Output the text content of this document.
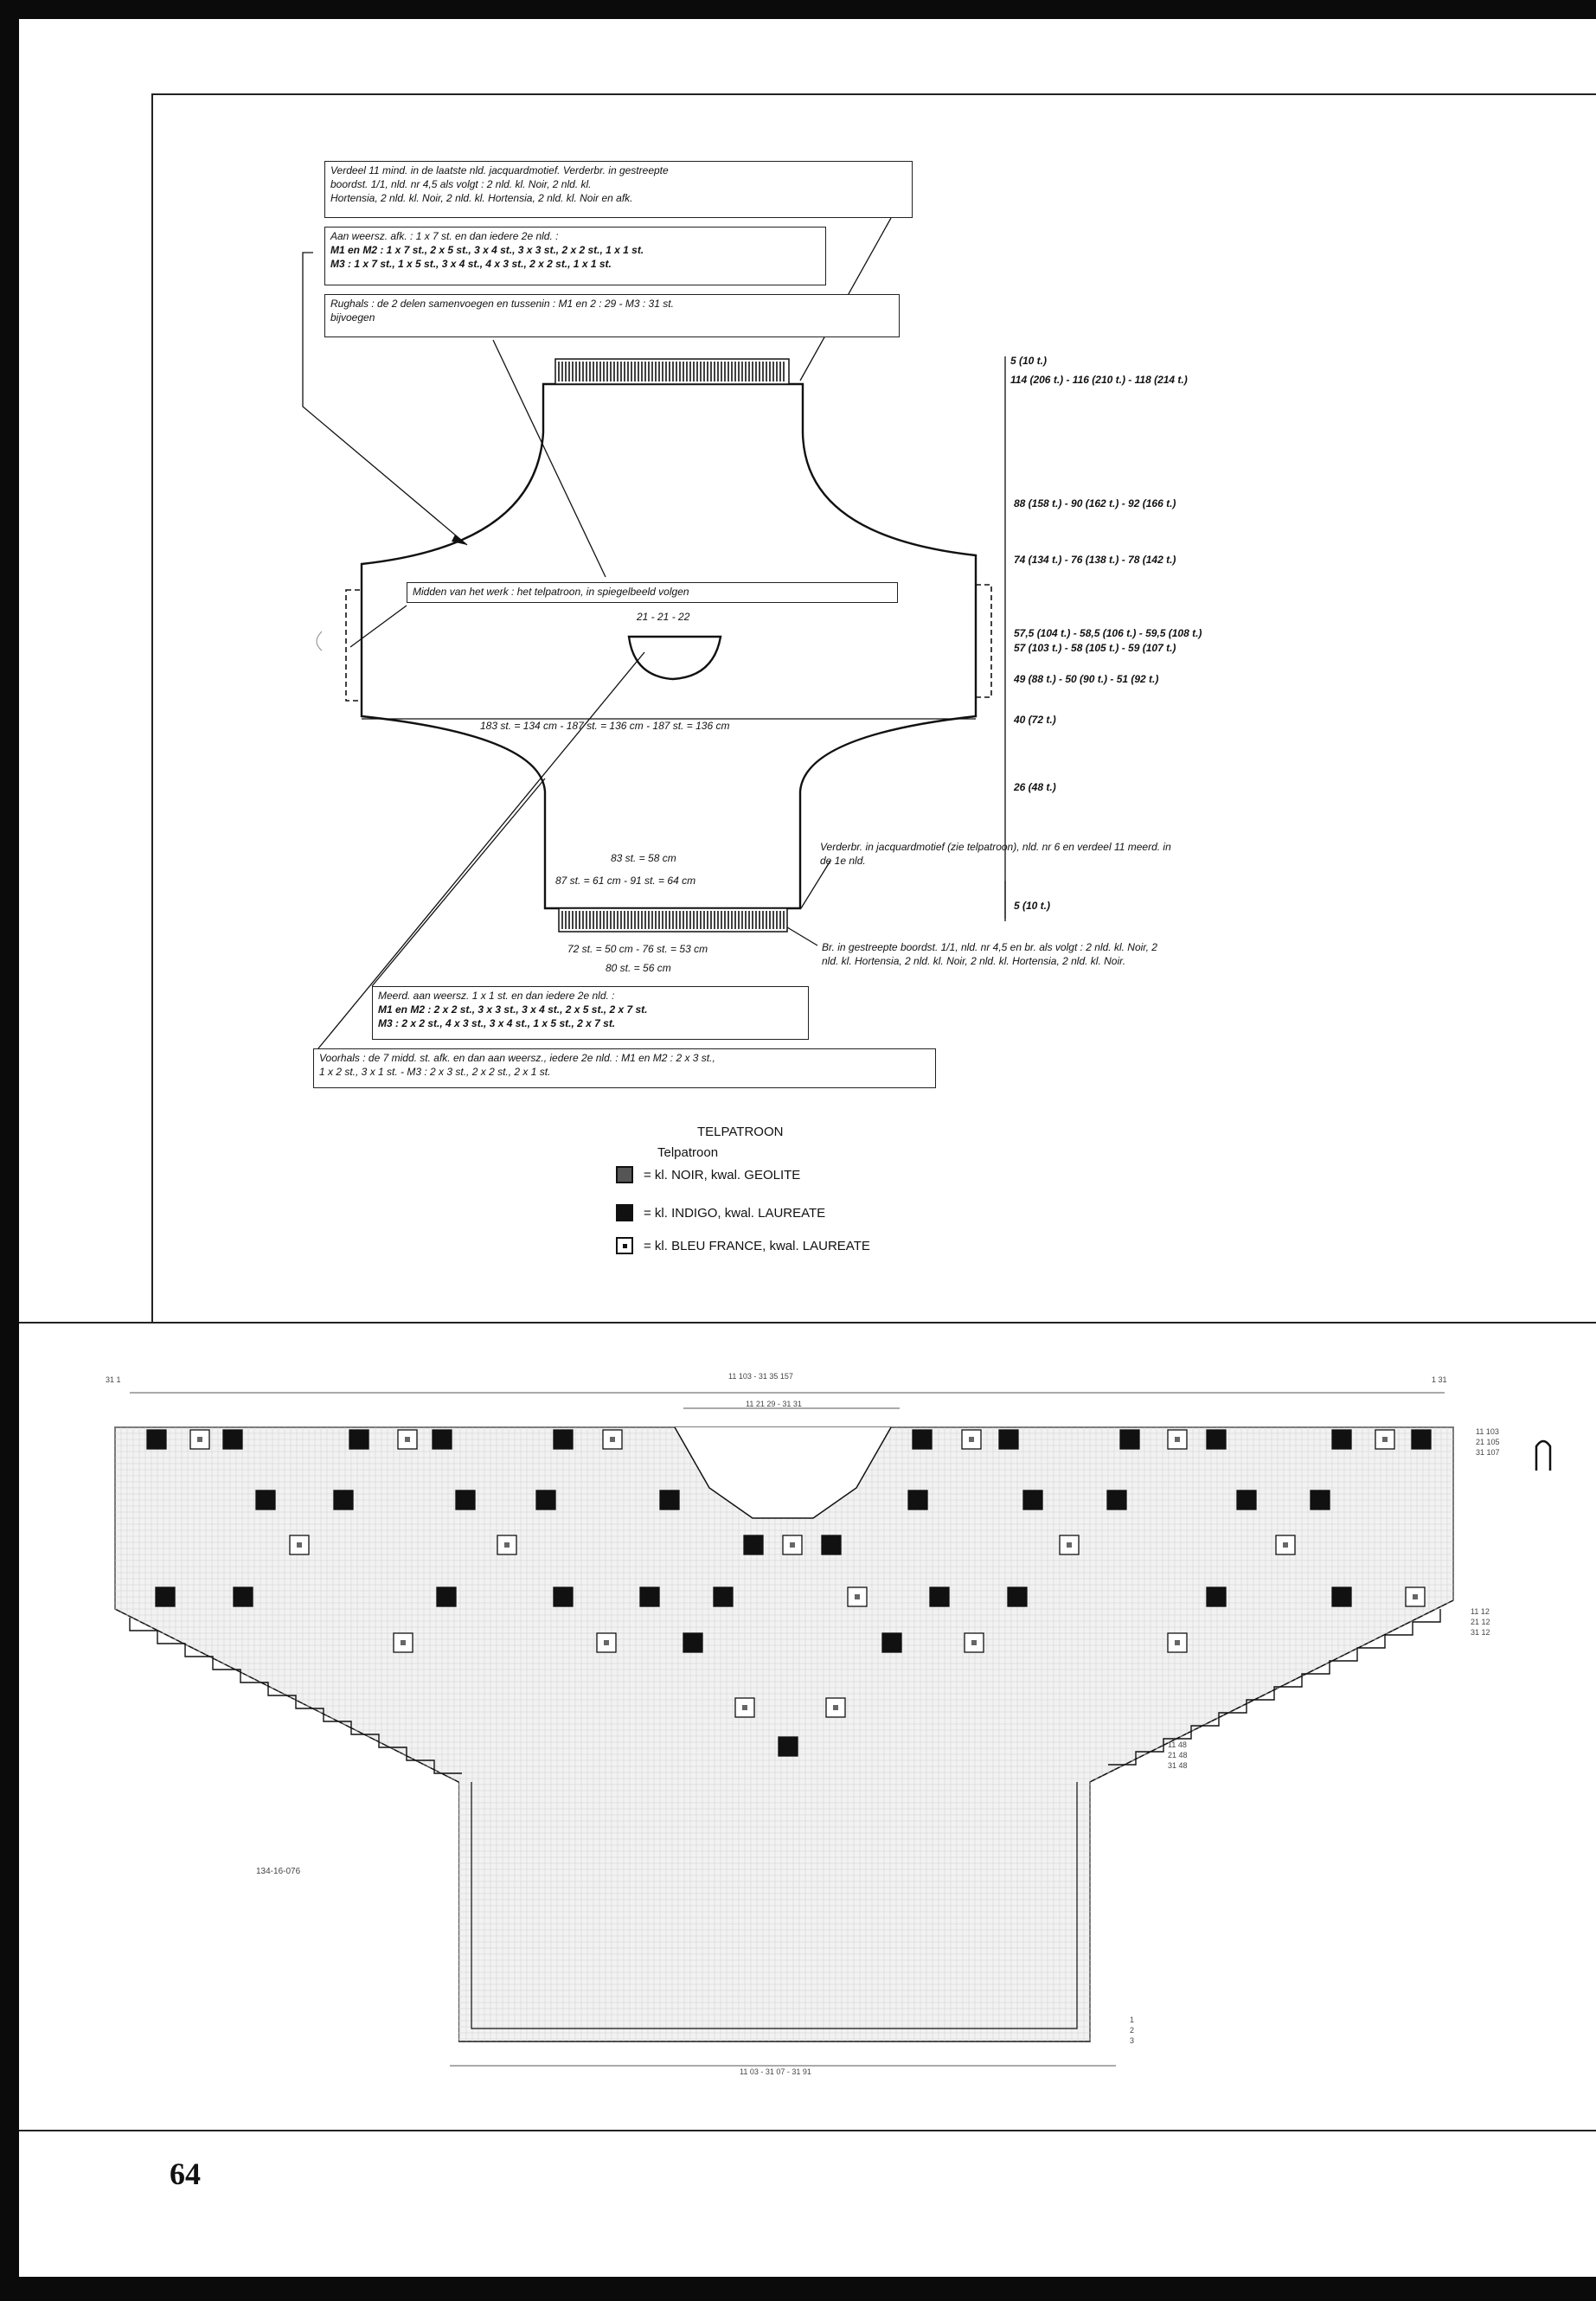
Verdeel 11 mind. in de laatste nld. jacquardmotief. Verderbr. in gestreepte
boordst. 1/1, nld. nr 4,5 als volgt : 2 nld. kl. Noir, 2 nld. kl.
Hortensia, 2 nld. kl. Noir, 2 nld. kl. Hortensia, 2 nld. kl. Noir en afk.
Aan weersz. afk. : 1 x 7 st. en dan iedere 2e nld. :
M1 en M2 : 1 x 7 st., 2 x 5 st., 3 x 4 st., 3 x 3 st., 2 x 2 st., 1 x 1 st.
M3 : 1 x 7 st., 1 x 5 st., 3 x 4 st., 4 x 3 st., 2 x 2 st., 1 x 1 st.
Rughals : de 2 delen samenvoegen en tussenin : M1 en 2 : 29 - M3 : 31 st.
bijvoegen
Midden van het werk : het telpatroon, in spiegelbeeld volgen
Meerd. aan weersz. 1 x 1 st. en dan iedere 2e nld. :
M1 en M2 : 2 x 2 st., 3 x 3 st., 3 x 4 st., 2 x 5 st., 2 x 7 st.
M3 : 2 x 2 st., 4 x 3 st., 3 x 4 st., 1 x 5 st., 2 x 7 st.
Voorhals : de 7 midd. st. afk. en dan aan weersz., iedere 2e nld. : M1 en M2 : 2 x 3 st.,
1 x 2 st., 3 x 1 st. - M3 : 2 x 3 st., 2 x 2 st., 2 x 1 st.
Verderbr. in jacquardmotief (zie telpatroon), nld. nr 6 en verdeel 11 meerd. in
de 1e nld.
Br. in gestreepte boordst. 1/1, nld. nr 4,5 en br. als volgt : 2 nld. kl. Noir, 2
nld. kl. Hortensia, 2 nld. kl. Noir, 2 nld. kl. Hortensia, 2 nld. kl. Noir.
21 - 21 - 22
183 st. = 134 cm - 187 st. = 136 cm - 187 st. = 136 cm
83 st. = 58 cm
87 st. = 61 cm - 91 st. = 64 cm
72 st. = 50 cm - 76 st. = 53 cm
80 st. = 56 cm
5 (10 t.)
114 (206 t.) - 116 (210 t.) - 118 (214 t.)
88 (158 t.) - 90 (162 t.) - 92 (166 t.)
74 (134 t.) - 76 (138 t.) - 78 (142 t.)
57,5 (104 t.) - 58,5 (106 t.) - 59,5 (108 t.)
57 (103 t.) - 58 (105 t.) - 59 (107 t.)
49 (88 t.) - 50 (90 t.) - 51 (92 t.)
40 (72 t.)
26 (48 t.)
5 (10 t.)
TELPATROON
Telpatroon
= kl. NOIR, kwal. GEOLITE
= kl. INDIGO, kwal. LAUREATE
= kl. BLEU FRANCE, kwal. LAUREATE
31 1	1 31
11 103 - 31 35 157
11 21 29 - 31 31
11 03 - 31 07 - 31 91
11 103
21 105
31 107
11 12
21 12
31 12
11 48
21 48
31 48
1
2
3
134-16-076
64
